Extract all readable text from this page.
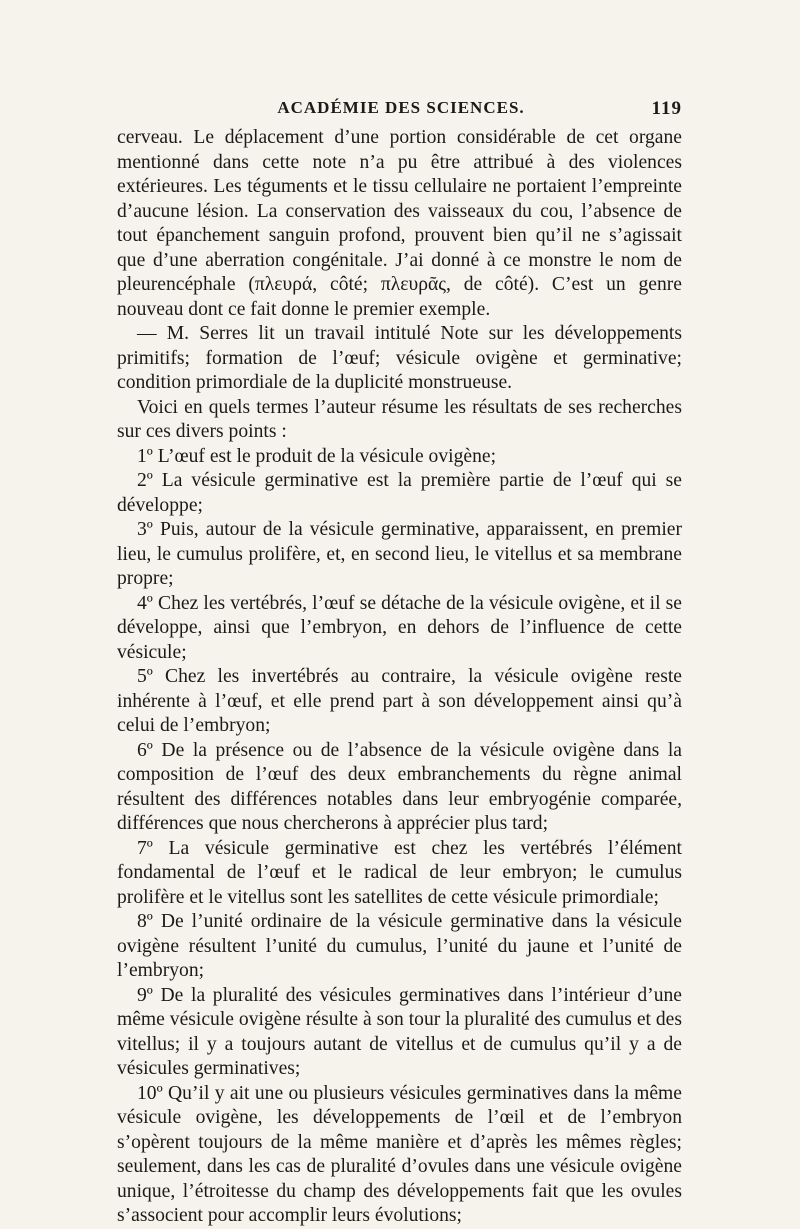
ACADÉMIE DES SCIENCES.	119

cerveau. Le déplacement d’une portion considérable de cet organe mentionné dans cette note n’a pu être attribué à des violences extérieures. Les téguments et le tissu cellulaire ne portaient l’empreinte d’aucune lésion. La conservation des vaisseaux du cou, l’absence de tout épanchement sanguin profond, prouvent bien qu’il ne s’agissait que d’une aberration congénitale. J’ai donné à ce monstre le nom de pleurencéphale (πλευρά, côté; πλευρᾶς, de côté). C’est un genre nouveau dont ce fait donne le premier exemple.

— M. Serres lit un travail intitulé Note sur les développements primitifs; formation de l’œuf; vésicule ovigène et germinative; condition primordiale de la duplicité monstrueuse.

Voici en quels termes l’auteur résume les résultats de ses recherches sur ces divers points :

1º L’œuf est le produit de la vésicule ovigène;

2º La vésicule germinative est la première partie de l’œuf qui se développe;

3º Puis, autour de la vésicule germinative, apparaissent, en premier lieu, le cumulus prolifère, et, en second lieu, le vitellus et sa membrane propre;

4º Chez les vertébrés, l’œuf se détache de la vésicule ovigène, et il se développe, ainsi que l’embryon, en dehors de l’influence de cette vésicule;

5º Chez les invertébrés au contraire, la vésicule ovigène reste inhérente à l’œuf, et elle prend part à son développement ainsi qu’à celui de l’embryon;

6º De la présence ou de l’absence de la vésicule ovigène dans la composition de l’œuf des deux embranchements du règne animal résultent des différences notables dans leur embryogénie comparée, différences que nous chercherons à apprécier plus tard;

7º La vésicule germinative est chez les vertébrés l’élément fondamental de l’œuf et le radical de leur embryon; le cumulus prolifère et le vitellus sont les satellites de cette vésicule primordiale;

8º De l’unité ordinaire de la vésicule germinative dans la vésicule ovigène résultent l’unité du cumulus, l’unité du jaune et l’unité de l’embryon;

9º De la pluralité des vésicules germinatives dans l’intérieur d’une même vésicule ovigène résulte à son tour la pluralité des cumulus et des vitellus; il y a toujours autant de vitellus et de cumulus qu’il y a de vésicules germinatives;

10º Qu’il y ait une ou plusieurs vésicules germinatives dans la même vésicule ovigène, les développements de l’œil et de l’embryon s’opèrent toujours de la même manière et d’après les mêmes règles; seulement, dans les cas de pluralité d’ovules dans une vésicule ovigène unique, l’étroitesse du champ des développements fait que les ovules s’associent pour accomplir leurs évolutions;
